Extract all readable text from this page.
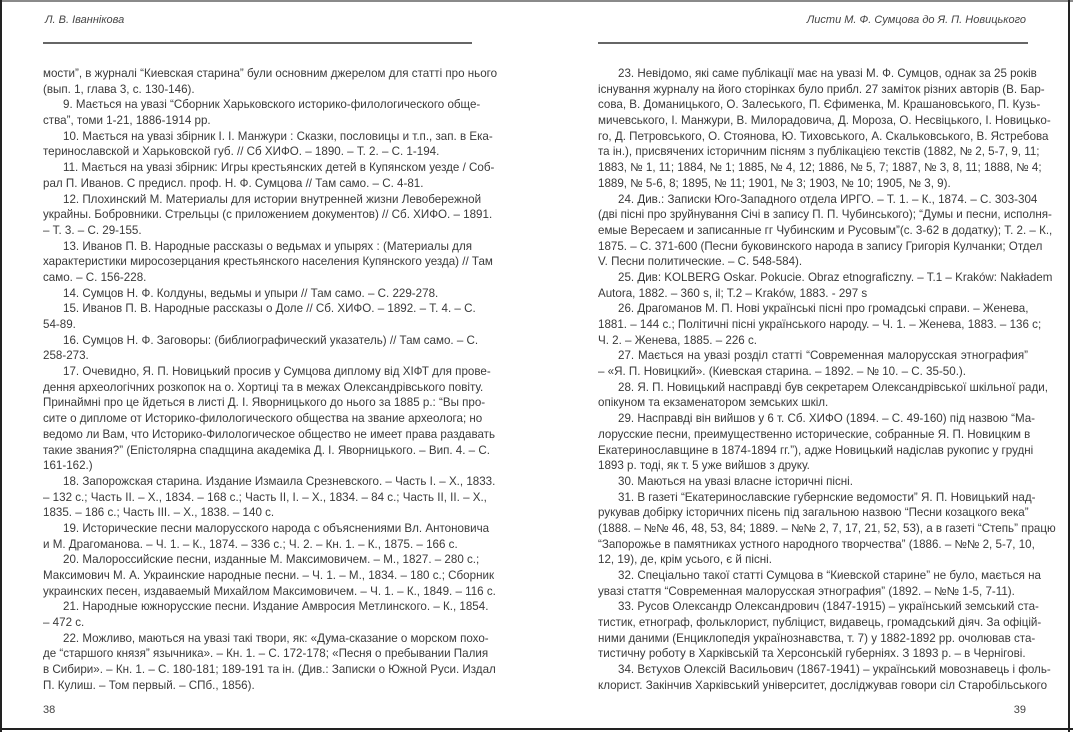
Л. В. Іваннікова
мости”, в журналі “Киевская старина” були основним джерелом для статті про нього
(вып. 1, глава 3, с. 130-146).
9. Мається на увазі “Сборник Харьковского историко-филологического обще-
ства”, томи 1-21, 1886-1914 рр.
10. Мається на увазі збірник І. І. Манжури : Сказки, пословицы и т.п., зап. в Ека-
теринославской и Харьковской губ. // Сб ХИФО. – 1890. – Т. 2. – С. 1-194.
11. Мається на увазі збірник: Игры крестьянских детей в Купянском уезде / Соб-
рал П. Иванов. С предисл. проф. Н. Ф. Сумцова // Там само. – С. 4-81.
12. Плохинский М. Материалы для истории внутренней жизни Левобережной
украйны. Бобровники. Стрельцы (с приложением документов) // Сб. ХИФО. – 1891.
– Т. 3. – С. 29-155.
13. Иванов П. В. Народные рассказы о ведьмах и упырях : (Материалы для
характеристики миросозерцания крестьянского населения Купянского уезда) // Там
само. – С. 156-228.
14. Сумцов Н. Ф. Колдуны, ведьмы и упыри // Там само. – С. 229-278.
15. Иванов П. В. Народные рассказы о Доле // Сб. ХИФО. – 1892. – Т. 4. – С.
54-89.
16. Сумцов Н. Ф. Заговоры: (библиографический указатель) // Там само. – С.
258-273.
17. Очевидно, Я. П. Новицький просив у Сумцова диплому від ХІФТ для прове-
дення археологічних розкопок на о. Хортиці та в межах Олександрівського повіту.
Принаймні про це йдеться в листі Д. І. Яворницького до нього за 1885 р.: “Вы про-
сите о дипломе от Историко-филологического общества на звание археолога; но
ведомо ли Вам, что Историко-Филологическое общество не имеет права раздавать
такие звания?” (Епістолярна спадщина академіка Д. І. Яворницького. – Вип. 4. – С.
161-162.)
18. Запорожская старина. Издание Измаила Срезневского. – Часть I. – Х., 1833.
– 132 с.; Часть II. – Х., 1834. – 168 с.; Часть II, I. – Х., 1834. – 84 с.; Часть II, II. – Х.,
1835. – 186 с.; Часть III. – Х., 1838. – 140 с.
19. Исторические песни малорусского народа с объяснениями Вл. Антоновича
и М. Драгоманова. – Ч. 1. – К., 1874. – 336 с.; Ч. 2. – Кн. 1. – К., 1875. – 166 с.
20. Малороссийские песни, изданные М. Максимовичем. – М., 1827. – 280 с.;
Максимович М. А. Украинские народные песни. – Ч. 1. – М., 1834. – 180 с.; Сборник
украинских песен, издаваемый Михайлом Максимовичем. – Ч. 1. – К., 1849. – 116 с.
21. Народные южнорусские песни. Издание Амвросия Метлинского. – К., 1854.
– 472 с.
22. Можливо, маються на увазі такі твори, як: «Дума-сказание о морском похо-
де “старшого князя” язычника». – Кн. 1. – С. 172-178; «Песня о пребывании Палия
в Сибири». – Кн. 1. – С. 180-181; 189-191 та ін. (Див.: Записки о Южной Руси. Издал
П. Кулиш. – Том первый. – СПб., 1856).
38
Листи М. Ф. Сумцова до Я. П. Новицького
23. Невідомо, які саме публікації має на увазі М. Ф. Сумцов, однак за 25 років
існування журналу на його сторінках було прибл. 27 заміток різних авторів (В. Бар-
сова, В. Доманицького, О. Залеського, П. Єфименка, М. Крашановського, П. Кузь-
мичевського, І. Манжури, В. Милорадовича, Д. Мороза, О. Несвіцького, І. Новицько-
го, Д. Петровського, О. Стоянова, Ю. Тиховського, А. Скальковського, В. Ястребова
та ін.), присвячених історичним пісням з публікацією текстів (1882, № 2, 5-7, 9, 11;
1883, № 1, 11; 1884, № 1; 1885, № 4, 12; 1886, № 5, 7; 1887, № 3, 8, 11; 1888, № 4;
1889, № 5-6, 8; 1895, № 11; 1901, № 3; 1903, № 10; 1905, № 3, 9).
24. Див.: Записки Юго-Западного отдела ИРГО. – Т. 1. – К., 1874. – С. 303-304
(дві пісні про зруйнування Січі в запису П. П. Чубинського); “Думы и песни, исполня-
емые Вересаем и записанные гг Чубинским и Русовым”(с. 3-62 в додатку); Т. 2. – К.,
1875. – С. 371-600 (Песни буковинского народа в запису Григорія Кулчанки; Отдел
V. Песни политические. – С. 548-584).
25. Див: KOLBERG Oskar. Pokucie. Obraz etnograficzny. – T.1 – Kraków: Nakładem
Autora, 1882. – 360 s, il; T.2 – Kraków, 1883. - 297 s
26. Драгоманов М. П. Нові українські пісні про громадські справи. – Женева,
1881. – 144 с.; Політичні пісні українського народу. – Ч. 1. – Женева, 1883. – 136 с;
Ч. 2. – Женева, 1885. – 226 с.
27. Мається на увазі розділ статті “Современная малорусская этнография”
– «Я. П. Новицкий». (Киевская старина. – 1892. – № 10. – С. 35-50.).
28. Я. П. Новицький насправді був секретарем Олександрівської шкільної ради,
опікуном та екзаменатором земських шкіл.
29. Насправді він вийшов у 6 т. Сб. ХИФО (1894. – С. 49-160) під назвою “Ма-
лорусские песни, преимущественно исторические, собранные Я. П. Новицким в
Екатеринославщине в 1874-1894 гг.”), адже Новицький надіслав рукопис у грудні
1893 р. тоді, як т. 5 уже вийшов з друку.
30. Маються на увазі власне історичні пісні.
31. В газеті “Екатеринославские губернские ведомости” Я. П. Новицький над-
рукував добірку історичних пісень під загальною назвою “Песни козацкого века”
(1888. – №№ 46, 48, 53, 84; 1889. – №№ 2, 7, 17, 21, 52, 53), а в газеті “Степь” працю
“Запорожье в памятниках устного народного творчества” (1886. – №№ 2, 5-7, 10,
12, 19), де, крім усього, є й пісні.
32. Спеціально такої статті Сумцова в “Киевской старине” не було, мається на
увазі стаття “Современная малорусская этнография” (1892. – №№ 1-5, 7-11).
33. Русов Олександр Олександрович (1847-1915) – український земський ста-
тистик, етнограф, фольклорист, публіцист, видавець, громадський діяч. За офіцій-
ними даними (Енциклопедія українознавства, т. 7) у 1882-1892 рр. очолював ста-
тистичну роботу в Харківській та Херсонській губерніях. З 1893 р. – в Чернігові.
34. Вєтухов Олексій Васильович (1867-1941) – український мовознавець і фоль-
клорист. Закінчив Харківський університет, досліджував говори сіл Старобільського
39
